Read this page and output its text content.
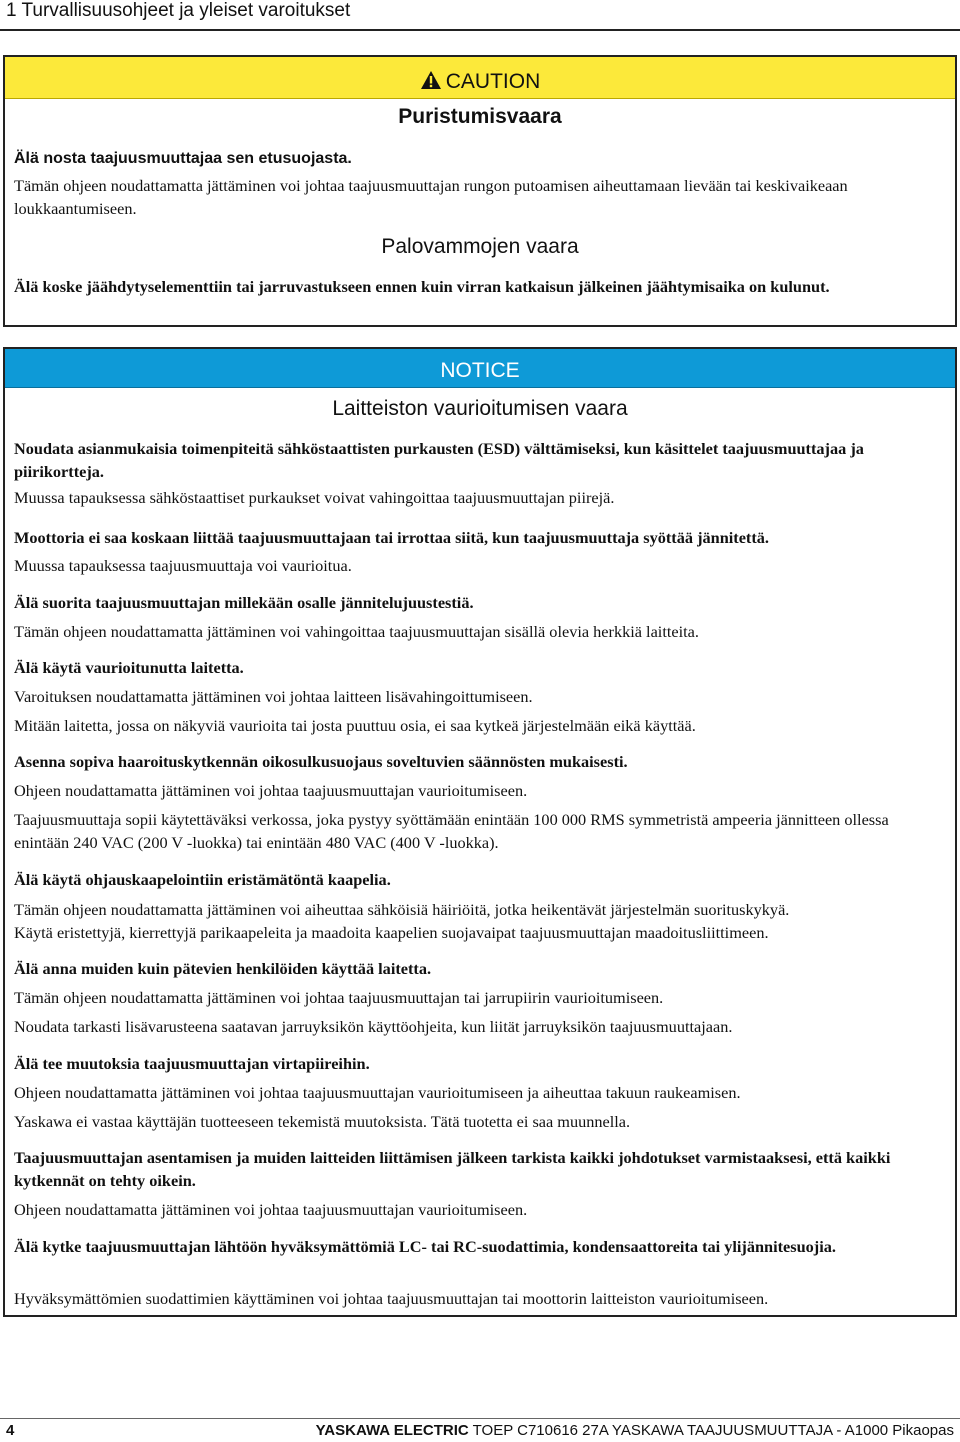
1 Turvallisuusohjeet ja yleiset varoitukset
CAUTION
Puristumisvaara
Älä nosta taajuusmuuttajaa sen etusuojasta.
Tämän ohjeen noudattamatta jättäminen voi johtaa taajuusmuuttajan rungon putoamisen aiheuttamaan lievään tai keskivaikeaan loukkaantumiseen.
Palovammojen vaara
Älä koske jäähdytyselementtiin tai jarruvastukseen ennen kuin virran katkaisun jälkeinen jäähtymisaika on kulunut.
NOTICE
Laitteiston vaurioitumisen vaara
Noudata asianmukaisia toimenpiteitä sähköstaattisten purkausten (ESD) välttämiseksi, kun käsittelet taajuusmuuttajaa ja piirikortteja.
Muussa tapauksessa sähköstaattiset purkaukset voivat vahingoittaa taajuusmuuttajan piirejä.
Moottoria ei saa koskaan liittää taajuusmuuttajaan tai irrottaa siitä, kun taajuusmuuttaja syöttää jännitettä.
Muussa tapauksessa taajuusmuuttaja voi vaurioitua.
Älä suorita taajuusmuuttajan millekään osalle jännitelujuustestiä.
Tämän ohjeen noudattamatta jättäminen voi vahingoittaa taajuusmuuttajan sisällä olevia herkkiä laitteita.
Älä käytä vaurioitunutta laitetta.
Varoituksen noudattamatta jättäminen voi johtaa laitteen lisävahingoittumiseen.
Mitään laitetta, jossa on näkyviä vaurioita tai josta puuttuu osia, ei saa kytkeä järjestelmään eikä käyttää.
Asenna sopiva haaroituskytkennän oikosulkusuojaus soveltuvien säännösten mukaisesti.
Ohjeen noudattamatta jättäminen voi johtaa taajuusmuuttajan vaurioitumiseen.
Taajuusmuuttaja sopii käytettäväksi verkossa, joka pystyy syöttämään enintään 100 000 RMS symmetristä ampeeria jännitteen ollessa enintään 240 VAC (200 V -luokka) tai enintään 480 VAC (400 V -luokka).
Älä käytä ohjauskaapelointiin eristämätöntä kaapelia.
Tämän ohjeen noudattamatta jättäminen voi aiheuttaa sähköisiä häiriöitä, jotka heikentävät järjestelmän suorituskykyä.
Käytä eristettyjä, kierrettyjä parikaapeleita ja maadoita kaapelien suojavaipat taajuusmuuttajan maadoitusliittimeen.
Älä anna muiden kuin pätevien henkilöiden käyttää laitetta.
Tämän ohjeen noudattamatta jättäminen voi johtaa taajuusmuuttajan tai jarrupiirin vaurioitumiseen.
Noudata tarkasti lisävarusteena saatavan jarruyksikön käyttöohjeita, kun liität jarruyksikön taajuusmuuttajaan.
Älä tee muutoksia taajuusmuuttajan virtapiireihin.
Ohjeen noudattamatta jättäminen voi johtaa taajuusmuuttajan vaurioitumiseen ja aiheuttaa takuun raukeamisen.
Yaskawa ei vastaa käyttäjän tuotteeseen tekemistä muutoksista. Tätä tuotetta ei saa muunnella.
Taajuusmuuttajan asentamisen ja muiden laitteiden liittämisen jälkeen tarkista kaikki johdotukset varmistaaksesi, että kaikki kytkennät on tehty oikein.
Ohjeen noudattamatta jättäminen voi johtaa taajuusmuuttajan vaurioitumiseen.
Älä kytke taajuusmuuttajan lähtöön hyväksymättömiä LC- tai RC-suodattimia, kondensaattoreita tai ylijännitesuojia.
Hyväksymättömien suodattimien käyttäminen voi johtaa taajuusmuuttajan tai moottorin laitteiston vaurioitumiseen.
4	YASKAWA ELECTRIC TOEP C710616 27A YASKAWA TAAJUUSMUUTTAJA - A1000 Pikaopas
